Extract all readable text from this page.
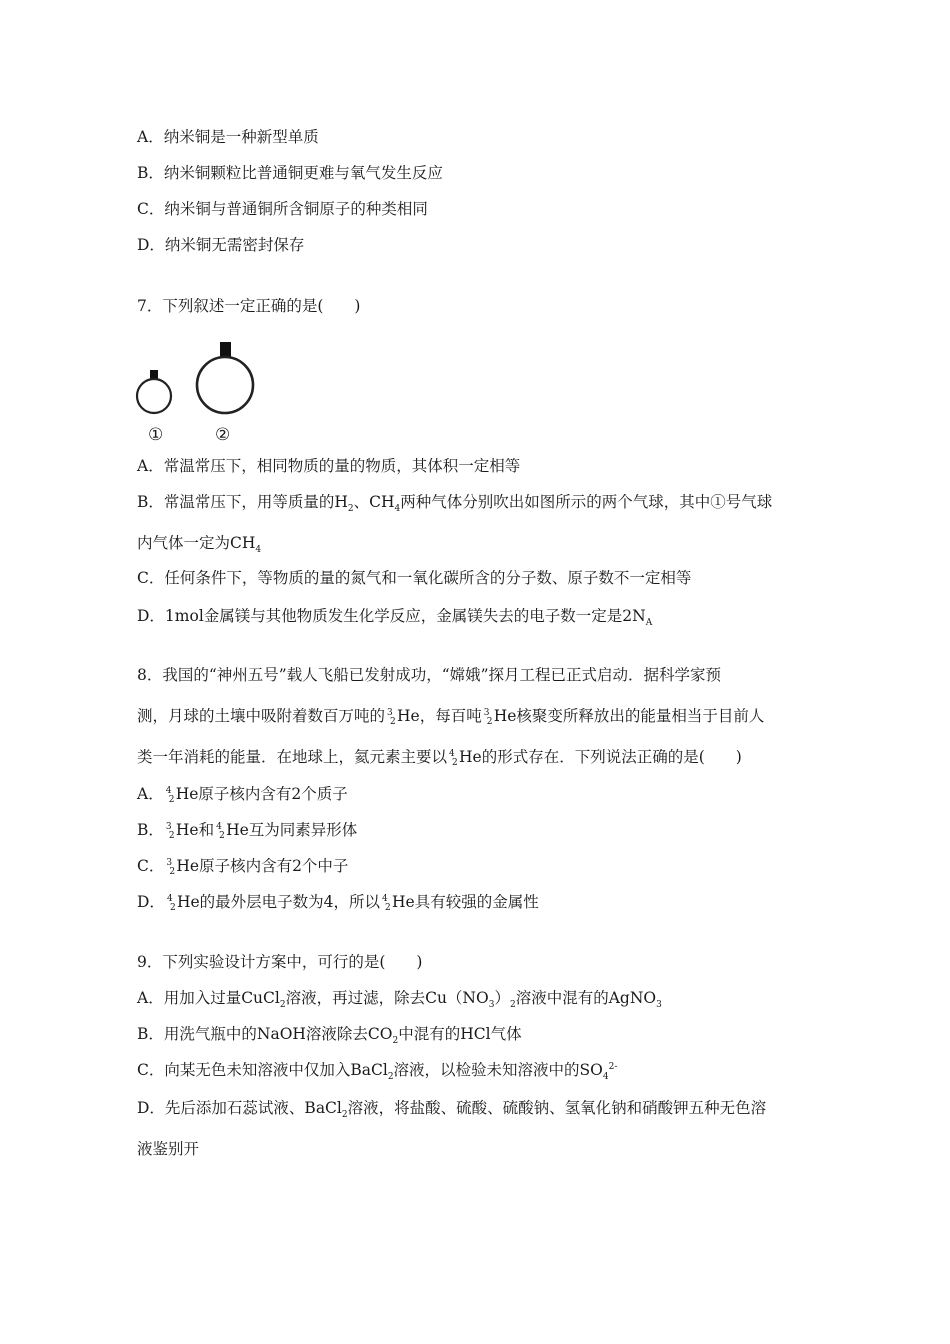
A．纳米铜是一种新型单质
B．纳米铜颗粒比普通铜更难与氧气发生反应
C．纳米铜与普通铜所含铜原子的种类相同
D．纳米铜无需密封保存
7．下列叙述一定正确的是(　　)
①	②
A．常温常压下，相同物质的量的物质，其体积一定相等
B．常温常压下，用等质量的$H_2$、$CH_4$两种气体分别吹出如图所示的两个气球，其中①号气球
内气体一定为$CH_4$
C．任何条件下，等物质的量的氮气和一氧化碳所含的分子数、原子数不一定相等
D．1mol金属镁与其他物质发生化学反应，金属镁失去的电子数一定是$2N_A$
8．我国的“神州五号”载人飞船已发射成功，“嫦娥”探月工程已正式启动．据科学家预
测，月球的土壤中吸附着数百万吨的 3
2 He，每百吨 3
2 He核聚变所释放出的能量相当于目前人
类一年消耗的能量．在地球上，氦元素主要以 4
2 He的形式存在．下列说法正确的是(　　)
A． 4
2 He原子核内含有2个质子
B． 3
2 He和 4
2 He互为同素异形体
C． 3
2 He原子核内含有2个中子
D． 4
2 He的最外层电子数为4，所以 4
2 He具有较强的金属性
9．下列实验设计方案中，可行的是(　　)
A．用加入过量CuCl$_2$溶液，再过滤，除去$Cu(NO_3)_2$溶液中混有的AgNO$_3$
B．用洗气瓶中的NaOH溶液除去$CO_2$中混有的HCl气体
C．向某无色未知溶液中仅加入BaCl$_2$溶液，以检验未知溶液中的$SO_4^{2-}$
D．先后添加石蕊试液、BaCl$_2$溶液，将盐酸、硫酸、硫酸钠、氢氧化钠和硝酸钾五种无色溶
液鉴别开
